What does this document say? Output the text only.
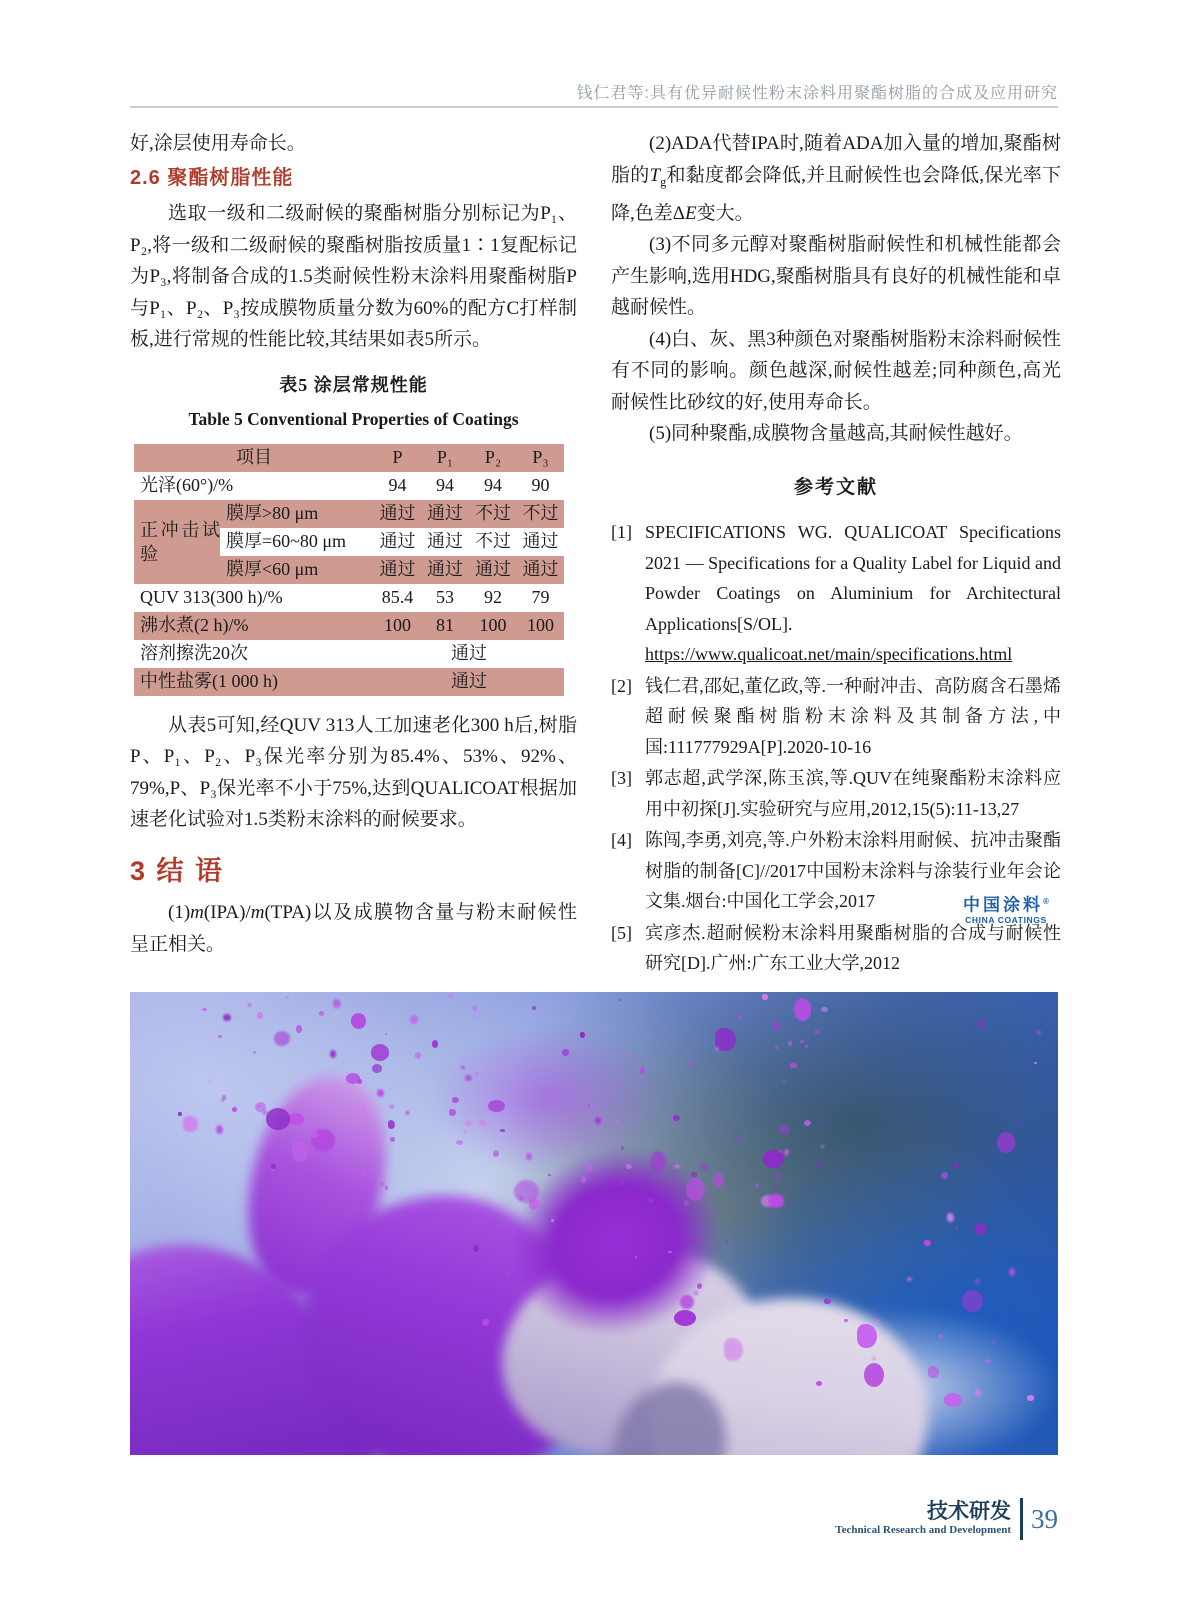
钱仁君等:具有优异耐候性粉末涂料用聚酯树脂的合成及应用研究

好,涂层使用寿命长。

2.6 聚酯树脂性能

选取一级和二级耐候的聚酯树脂分别标记为P₁、P₂,将一级和二级耐候的聚酯树脂按质量1∶1复配标记为P₃,将制备合成的1.5类耐候性粉末涂料用聚酯树脂P与P₁、P₂、P₃按成膜物质量分数为60%的配方C打样制板,进行常规的性能比较,其结果如表5所示。

表5 涂层常规性能
Table 5 Conventional Properties of Coatings
项目	P	P₁	P₂	P₃
光泽(60°)/%	94	94	94	90
正冲击试验
膜厚>80 μm	通过 通过 不过 不过
膜厚=60~80 μm	通过 通过 不过 通过
膜厚<60 μm	通过 通过 通过 通过
QUV 313(300 h)/%	85.4	53	92	79
沸水煮(2 h)/%	100	81	100	100
溶剂擦洗20次	通过
中性盐雾(1 000 h)	通过

从表5可知,经QUV 313人工加速老化300 h后,树脂P、P₁、P₂、P₃保光率分别为85.4%、53%、92%、79%,P、P₃保光率不小于75%,达到QUALICOAT根据加速老化试验对1.5类粉末涂料的耐候要求。

3 结 语

(1)m(IPA)/m(TPA)以及成膜物含量与粉末耐候性呈正相关。

(2)ADA代替IPA时,随着ADA加入量的增加,聚酯树脂的$T_g$和黏度都会降低,并且耐候性也会降低,保光率下降,色差ΔE变大。

(3)不同多元醇对聚酯树脂耐候性和机械性能都会产生影响,选用HDG,聚酯树脂具有良好的机械性能和卓越耐候性。

(4)白、灰、黑3种颜色对聚酯树脂粉末涂料耐候性有不同的影响。颜色越深,耐候性越差;同种颜色,高光耐候性比砂纹的好,使用寿命长。

(5)同种聚酯,成膜物含量越高,其耐候性越好。

参考文献
[1] SPECIFICATIONS WG. QUALICOAT Specifications 2021 — Specifications for a Quality Label for Liquid and Powder Coatings on Aluminium for Architectural Applications[S/OL]. https://www.qualicoat.net/main/specifications.html
[2] 钱仁君,邵妃,董亿政,等.一种耐冲击、高防腐含石墨烯超耐候聚酯树脂粉末涂料及其制备方法,中国:111777929A[P].2020-10-16
[3] 郭志超,武学深,陈玉滨,等.QUV在纯聚酯粉末涂料应用中初探[J].实验研究与应用,2012,15(5):11-13,27
[4] 陈闯,李勇,刘亮,等.户外粉末涂料用耐候、抗冲击聚酯树脂的制备[C]//2017中国粉末涂料与涂装行业年会论文集.烟台:中国化工学会,2017
[5] 宾彦杰.超耐候粉末涂料用聚酯树脂的合成与耐候性研究[D].广州:广东工业大学,2012
中国涂料®
CHINA COATINGS
技术研发
Technical Research and Development 39
